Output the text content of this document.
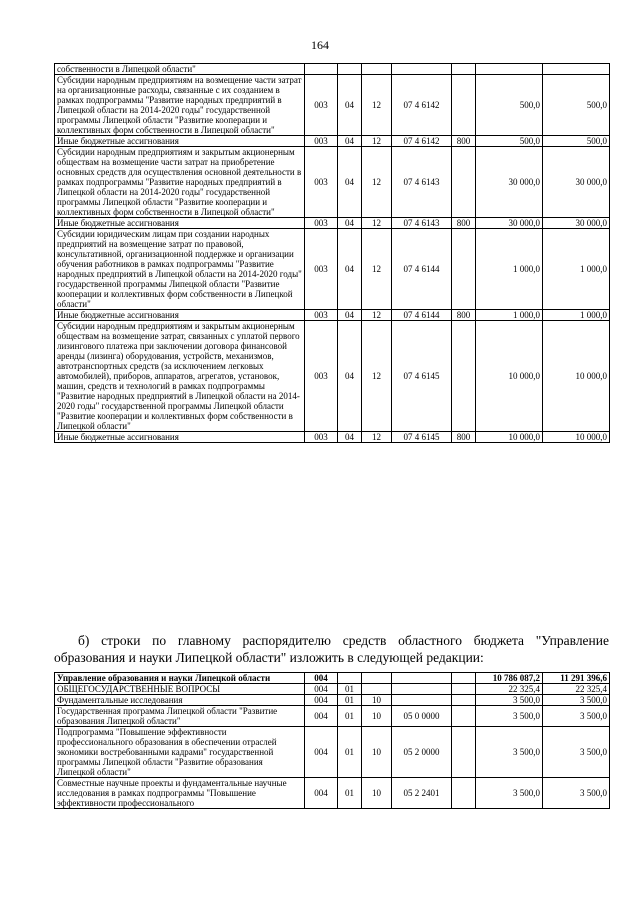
164
собственности в Липецкой области"							
Субсидии народным предприятиям на возмещение части затрат на организационные расходы, связанные с их созданием в рамках подпрограммы "Развитие народных предприятий в Липецкой области на 2014-2020 годы" государственной программы Липецкой области "Развитие кооперации и коллективных форм собственности в Липецкой области"	003	04	12	07 4 6142		500,0	500,0
Иные бюджетные ассигнования	003	04	12	07 4 6142	800	500,0	500,0
Субсидии народным предприятиям и закрытым акционерным обществам на возмещение части затрат на приобретение основных средств для осуществления основной деятельности в рамках подпрограммы "Развитие народных предприятий в Липецкой области на 2014-2020 годы" государственной программы Липецкой области "Развитие кооперации и коллективных форм собственности в Липецкой области"	003	04	12	07 4 6143		30 000,0	30 000,0
Иные бюджетные ассигнования	003	04	12	07 4 6143	800	30 000,0	30 000,0
Субсидии юридическим лицам при создании народных предприятий на возмещение затрат по правовой, консультативной, организационной поддержке и организации обучения работников в рамках подпрограммы "Развитие народных предприятий в Липецкой области на 2014-2020 годы" государственной программы Липецкой области "Развитие кооперации и коллективных форм собственности в Липецкой области"	003	04	12	07 4 6144		1 000,0	1 000,0
Иные бюджетные ассигнования	003	04	12	07 4 6144	800	1 000,0	1 000,0
Субсидии народным предприятиям и закрытым акционерным обществам на возмещение затрат, связанных с уплатой первого лизингового платежа при заключении договора финансовой аренды (лизинга) оборудования, устройств, механизмов, автотранспортных средств (за исключением легковых автомобилей), приборов, аппаратов, агрегатов, установок, машин, средств и технологий в рамках подпрограммы "Развитие народных предприятий в Липецкой области на 2014-2020 годы" государственной программы Липецкой области "Развитие кооперации и коллективных форм собственности в Липецкой области"	003	04	12	07 4 6145		10 000,0	10 000,0
Иные бюджетные ассигнования	003	04	12	07 4 6145	800	10 000,0	10 000,0
б) строки по главному распорядителю средств областного бюджета "Управление образования и науки Липецкой области" изложить в следующей редакции:
Управление образования и науки Липецкой области	004					10 786 087,2	11 291 396,6
ОБЩЕГОСУДАРСТВЕННЫЕ ВОПРОСЫ	004	01				22 325,4	22 325,4
Фундаментальные исследования	004	01	10			3 500,0	3 500,0
Государственная программа Липецкой области "Развитие образования Липецкой области"	004	01	10	05 0 0000		3 500,0	3 500,0
Подпрограмма "Повышение эффективности профессионального образования в обеспечении отраслей экономики востребованными кадрами" государственной программы Липецкой области "Развитие образования Липецкой области"	004	01	10	05 2 0000		3 500,0	3 500,0
Совместные научные проекты и фундаментальные научные исследования в рамках подпрограммы "Повышение эффективности профессионального	004	01	10	05 2 2401		3 500,0	3 500,0
